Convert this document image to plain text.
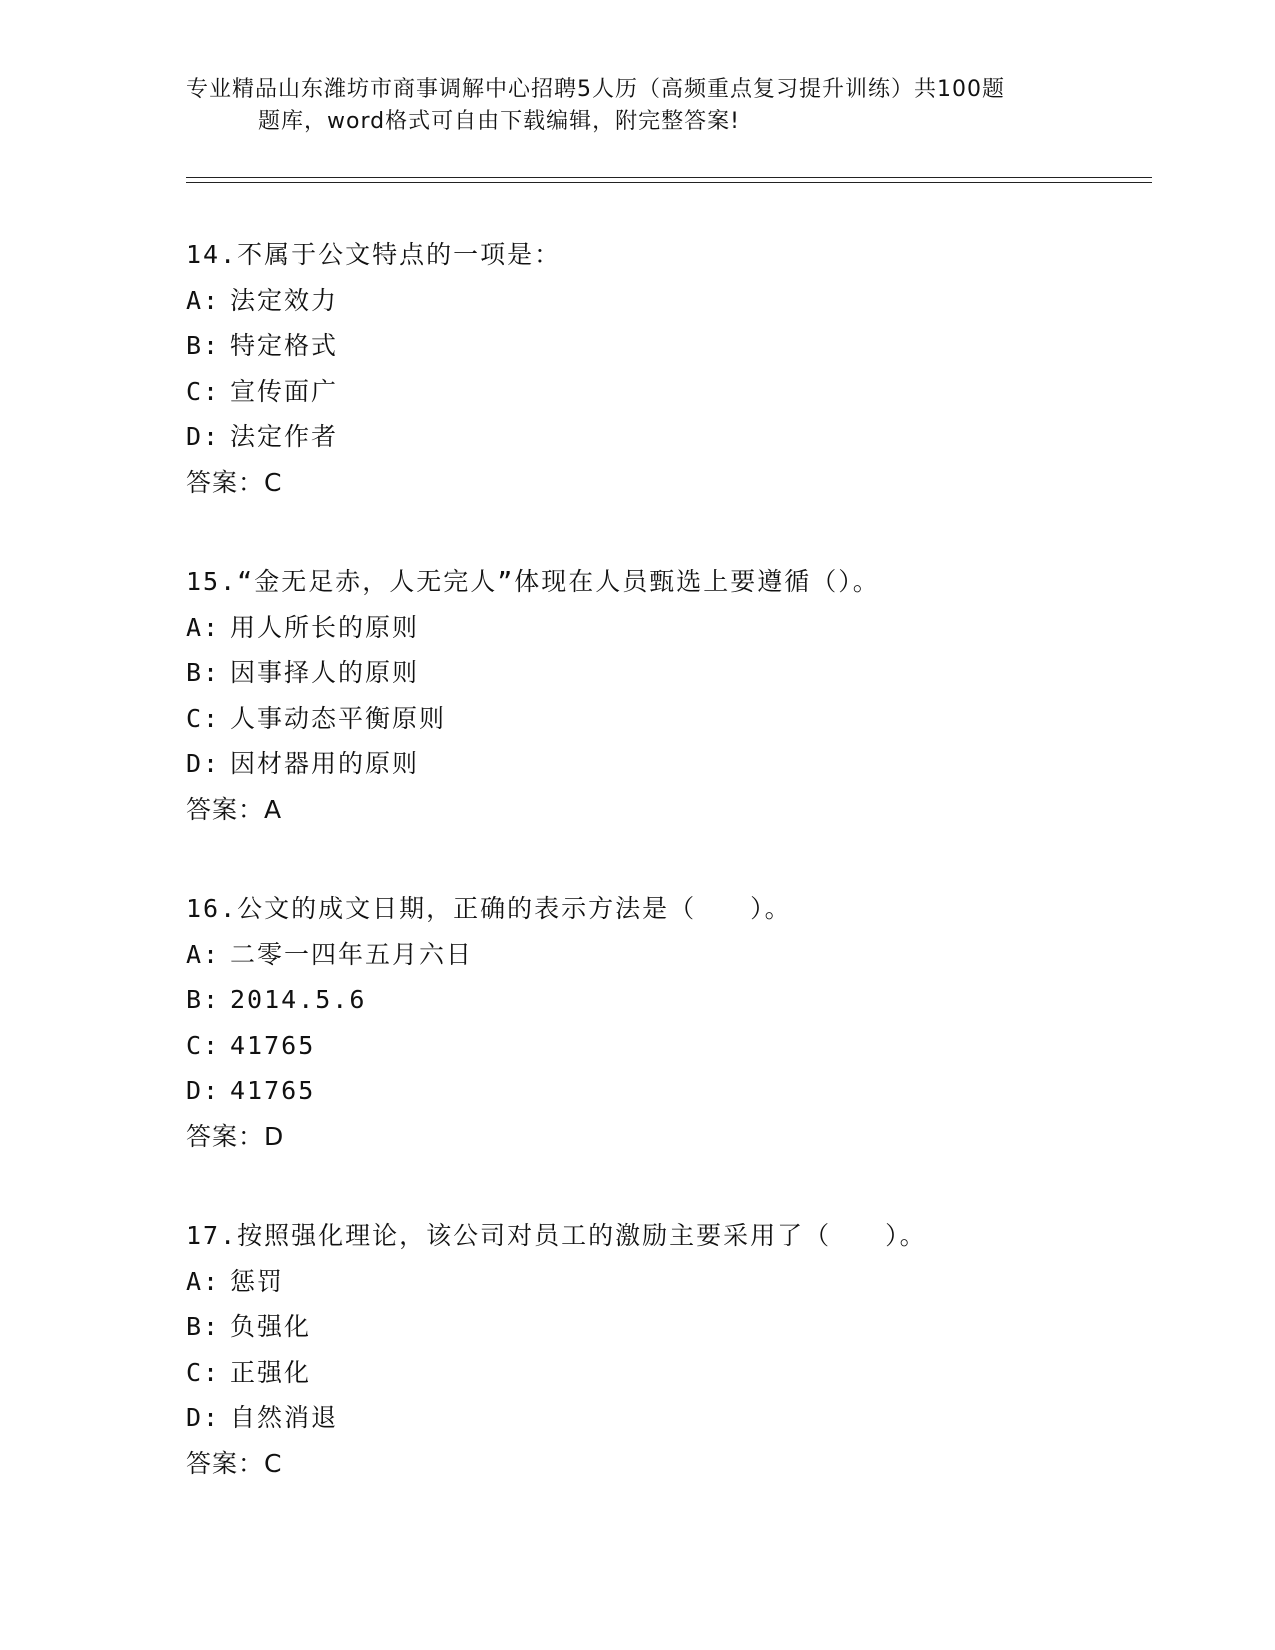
专业精品山东潍坊市商事调解中心招聘5人历（高频重点复习提升训练）共100题
题库，word格式可自由下载编辑，附完整答案!
14.不属于公文特点的一项是：
A: 法定效力
B: 特定格式
C: 宣传面广
D: 法定作者
答案：C
15.“金无足赤，人无完人”体现在人员甄选上要遵循（）。
A: 用人所长的原则
B: 因事择人的原则
C: 人事动态平衡原则
D: 因材器用的原则
答案：A
16.公文的成文日期，正确的表示方法是（　　）。
A: 二零一四年五月六日
B: 2014.5.6
C: 41765
D: 41765
答案：D
17.按照强化理论，该公司对员工的激励主要采用了（　　）。
A: 惩罚
B: 负强化
C: 正强化
D: 自然消退
答案：C
